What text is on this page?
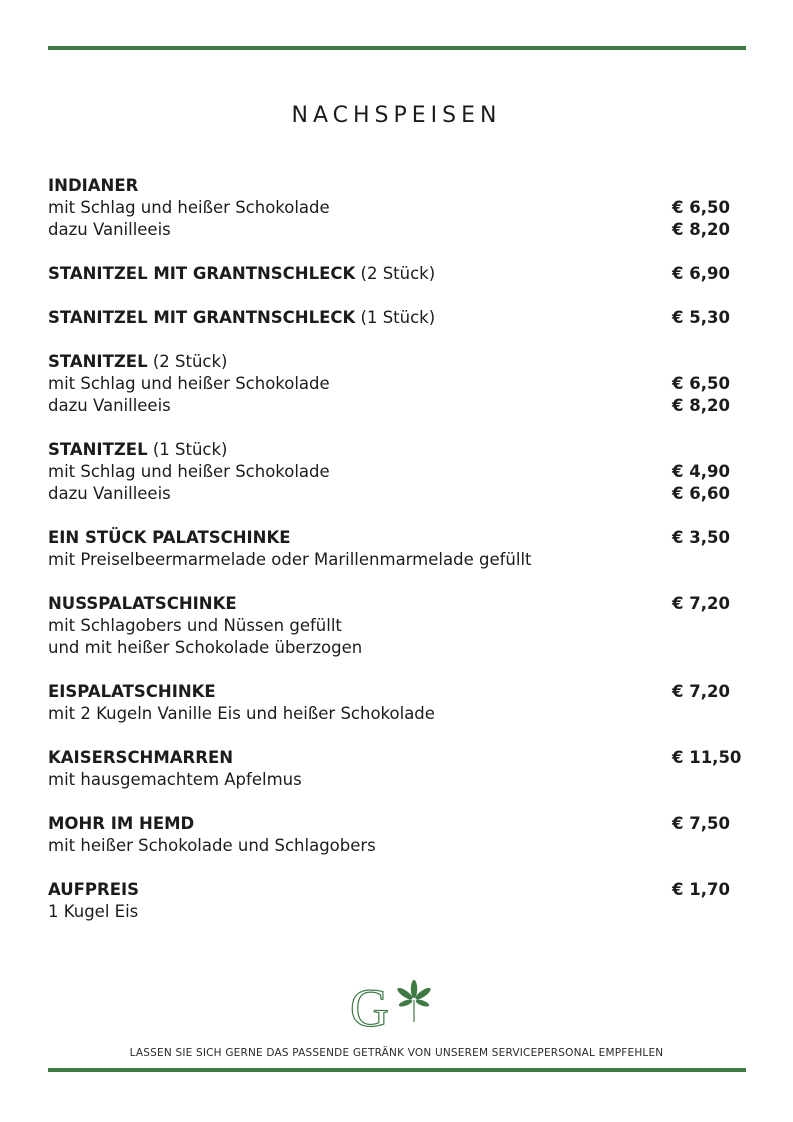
NACHSPEISEN
INDIANER
mit Schlag und heißer Schokolade	€ 6,50
dazu Vanilleeis	€ 8,20
STANITZEL MIT GRANTNSCHLECK (2 Stück)	€ 6,90
STANITZEL MIT GRANTNSCHLECK (1 Stück)	€ 5,30
STANITZEL (2 Stück)
mit Schlag und heißer Schokolade	€ 6,50
dazu Vanilleeis	€ 8,20
STANITZEL (1 Stück)
mit Schlag und heißer Schokolade	€ 4,90
dazu Vanilleeis	€ 6,60
EIN STÜCK PALATSCHINKE	€ 3,50
mit Preiselbeermarmelade oder Marillenmarmelade gefüllt
NUSSPALATSCHINKE	€ 7,20
mit Schlagobers und Nüssen gefüllt
und mit heißer Schokolade überzogen
EISPALATSCHINKE	€ 7,20
mit 2 Kugeln Vanille Eis und heißer Schokolade
KAISERSCHMARREN	€ 11,50
mit hausgemachtem Apfelmus
MOHR IM HEMD	€ 7,50
mit heißer Schokolade und Schlagobers
AUFPREIS	€ 1,70
1 Kugel Eis
G
LASSEN SIE SICH GERNE DAS PASSENDE GETRÄNK VON UNSEREM SERVICEPERSONAL EMPFEHLEN
